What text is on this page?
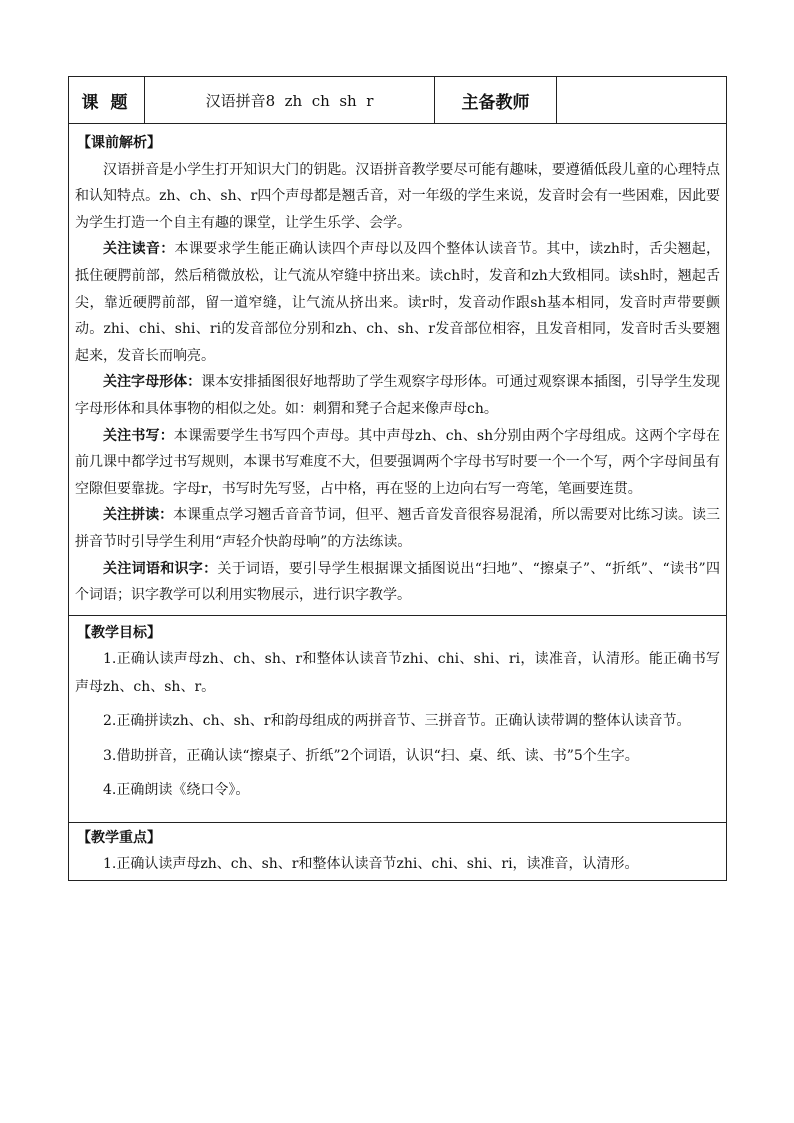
课题	汉语拼音8  zh  ch  sh  r	主备教师	

【课前解析】

汉语拼音是小学生打开知识大门的钥匙。汉语拼音教学要尽可能有趣味，要遵循低段儿童的心理特点和认知特点。zh、ch、sh、r四个声母都是翘舌音，对一年级的学生来说，发音时会有一些困难，因此要为学生打造一个自主有趣的课堂，让学生乐学、会学。

关注读音：本课要求学生能正确认读四个声母以及四个整体认读音节。其中，读zh时，舌尖翘起，抵住硬腭前部，然后稍微放松，让气流从窄缝中挤出来。读ch时，发音和zh大致相同。读sh时，翘起舌尖，靠近硬腭前部，留一道窄缝，让气流从挤出来。读r时，发音动作跟sh基本相同，发音时声带要颤动。zhi、chi、shi、ri的发音部位分别和zh、ch、sh、r发音部位相容，且发音相同，发音时舌头要翘起来，发音长而响亮。

关注字母形体：课本安排插图很好地帮助了学生观察字母形体。可通过观察课本插图，引导学生发现字母形体和具体事物的相似之处。如：刺猬和凳子合起来像声母ch。

关注书写：本课需要学生书写四个声母。其中声母zh、ch、sh分别由两个字母组成。这两个字母在前几课中都学过书写规则，本课书写难度不大，但要强调两个字母书写时要一个一个写，两个字母间虽有空隙但要靠拢。字母r，书写时先写竖，占中格，再在竖的上边向右写一弯笔，笔画要连贯。

关注拼读：本课重点学习翘舌音音节词，但平、翘舌音发音很容易混淆，所以需要对比练习读。读三拼音节时引导学生利用“声轻介快韵母响”的方法练读。

关注词语和识字：关于词语，要引导学生根据课文插图说出“扫地”、“擦桌子”、“折纸”、“读书”四个词语；识字教学可以利用实物展示，进行识字教学。

【教学目标】

1.正确认读声母zh、ch、sh、r和整体认读音节zhi、chi、shi、ri，读准音，认清形。能正确书写声母zh、ch、sh、r。

2.正确拼读zh、ch、sh、r和韵母组成的两拼音节、三拼音节。正确认读带调的整体认读音节。

3.借助拼音，正确认读“擦桌子、折纸”2个词语，认识“扫、桌、纸、读、书”5个生字。

4.正确朗读《绕口令》。

【教学重点】

1.正确认读声母zh、ch、sh、r和整体认读音节zhi、chi、shi、ri，读准音，认清形。
